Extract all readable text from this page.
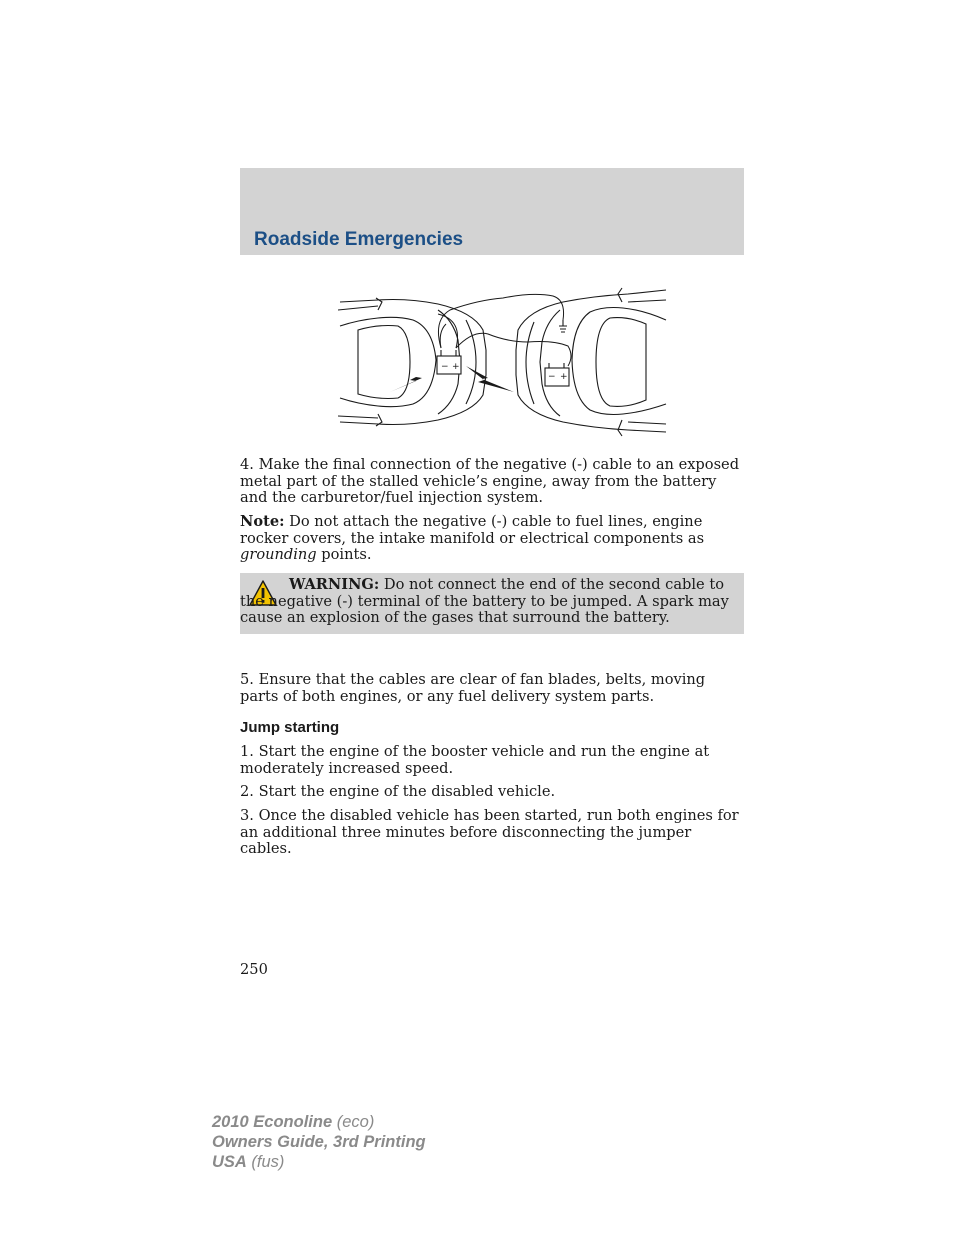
Roadside Emergencies
− +
− +

4. Make the final connection of the negative (-) cable to an exposed metal part of the stalled vehicle’s engine, away from the battery and the carburetor/fuel injection system.

Note: Do not attach the negative (-) cable to fuel lines, engine rocker covers, the intake manifold or electrical components as grounding points.

WARNING: Do not connect the end of the second cable to the negative (-) terminal of the battery to be jumped. A spark may cause an explosion of the gases that surround the battery.

5. Ensure that the cables are clear of fan blades, belts, moving parts of both engines, or any fuel delivery system parts.

Jump starting

1. Start the engine of the booster vehicle and run the engine at moderately increased speed.

2. Start the engine of the disabled vehicle.

3. Once the disabled vehicle has been started, run both engines for an additional three minutes before disconnecting the jumper cables.

250
2010 Econoline (eco)
Owners Guide, 3rd Printing
USA (fus)
